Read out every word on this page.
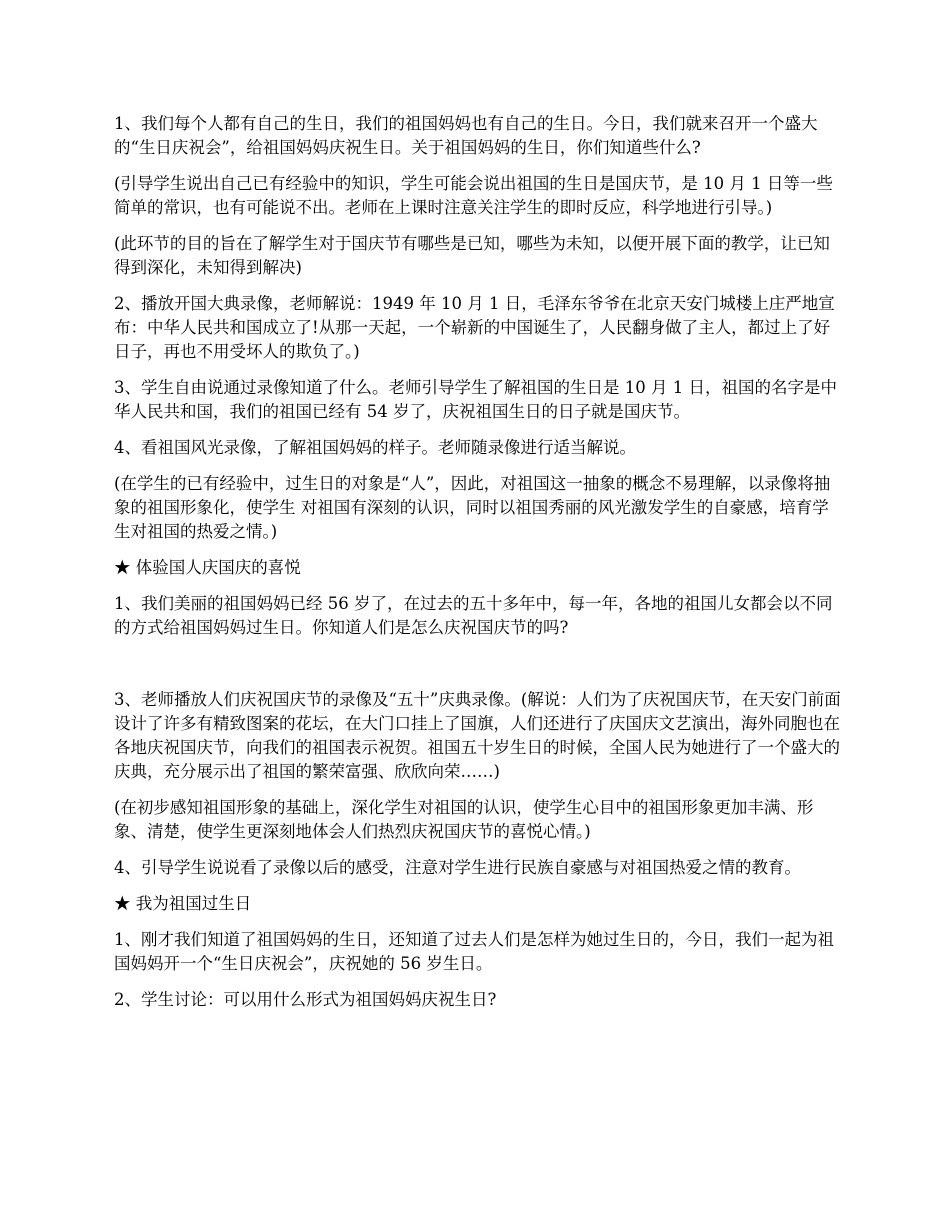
1、我们每个人都有自己的生日，我们的祖国妈妈也有自己的生日。今日，我们就来召开一个盛大的“生日庆祝会”，给祖国妈妈庆祝生日。关于祖国妈妈的生日，你们知道些什么?

(引导学生说出自己已有经验中的知识，学生可能会说出祖国的生日是国庆节，是 10 月 1 日等一些简单的常识，也有可能说不出。老师在上课时注意关注学生的即时反应，科学地进行引导。)

(此环节的目的旨在了解学生对于国庆节有哪些是已知，哪些为未知，以便开展下面的教学，让已知得到深化，未知得到解决)

2、播放开国大典录像，老师解说：1949 年 10 月 1 日，毛泽东爷爷在北京天安门城楼上庄严地宣布：中华人民共和国成立了!从那一天起，一个崭新的中国诞生了，人民翻身做了主人，都过上了好日子，再也不用受坏人的欺负了。)

3、学生自由说通过录像知道了什么。老师引导学生了解祖国的生日是 10 月 1 日，祖国的名字是中华人民共和国，我们的祖国已经有 54 岁了，庆祝祖国生日的日子就是国庆节。

4、看祖国风光录像，了解祖国妈妈的样子。老师随录像进行适当解说。

(在学生的已有经验中，过生日的对象是“人”，因此，对祖国这一抽象的概念不易理解，以录像将抽象的祖国形象化，使学生 对祖国有深刻的认识，同时以祖国秀丽的风光激发学生的自豪感，培育学生对祖国的热爱之情。)

★ 体验国人庆国庆的喜悦

1、我们美丽的祖国妈妈已经 56 岁了，在过去的五十多年中，每一年，各地的祖国儿女都会以不同的方式给祖国妈妈过生日。你知道人们是怎么庆祝国庆节的吗?

3、老师播放人们庆祝国庆节的录像及“五十”庆典录像。(解说：人们为了庆祝国庆节，在天安门前面设计了许多有精致图案的花坛，在大门口挂上了国旗，人们还进行了庆国庆文艺演出，海外同胞也在各地庆祝国庆节，向我们的祖国表示祝贺。祖国五十岁生日的时候，全国人民为她进行了一个盛大的庆典，充分展示出了祖国的繁荣富强、欣欣向荣……)

(在初步感知祖国形象的基础上，深化学生对祖国的认识，使学生心目中的祖国形象更加丰满、形象、清楚，使学生更深刻地体会人们热烈庆祝国庆节的喜悦心情。)

4、引导学生说说看了录像以后的感受，注意对学生进行民族自豪感与对祖国热爱之情的教育。

★ 我为祖国过生日

1、刚才我们知道了祖国妈妈的生日，还知道了过去人们是怎样为她过生日的，今日，我们一起为祖国妈妈开一个“生日庆祝会”，庆祝她的 56 岁生日。

2、学生讨论：可以用什么形式为祖国妈妈庆祝生日?
